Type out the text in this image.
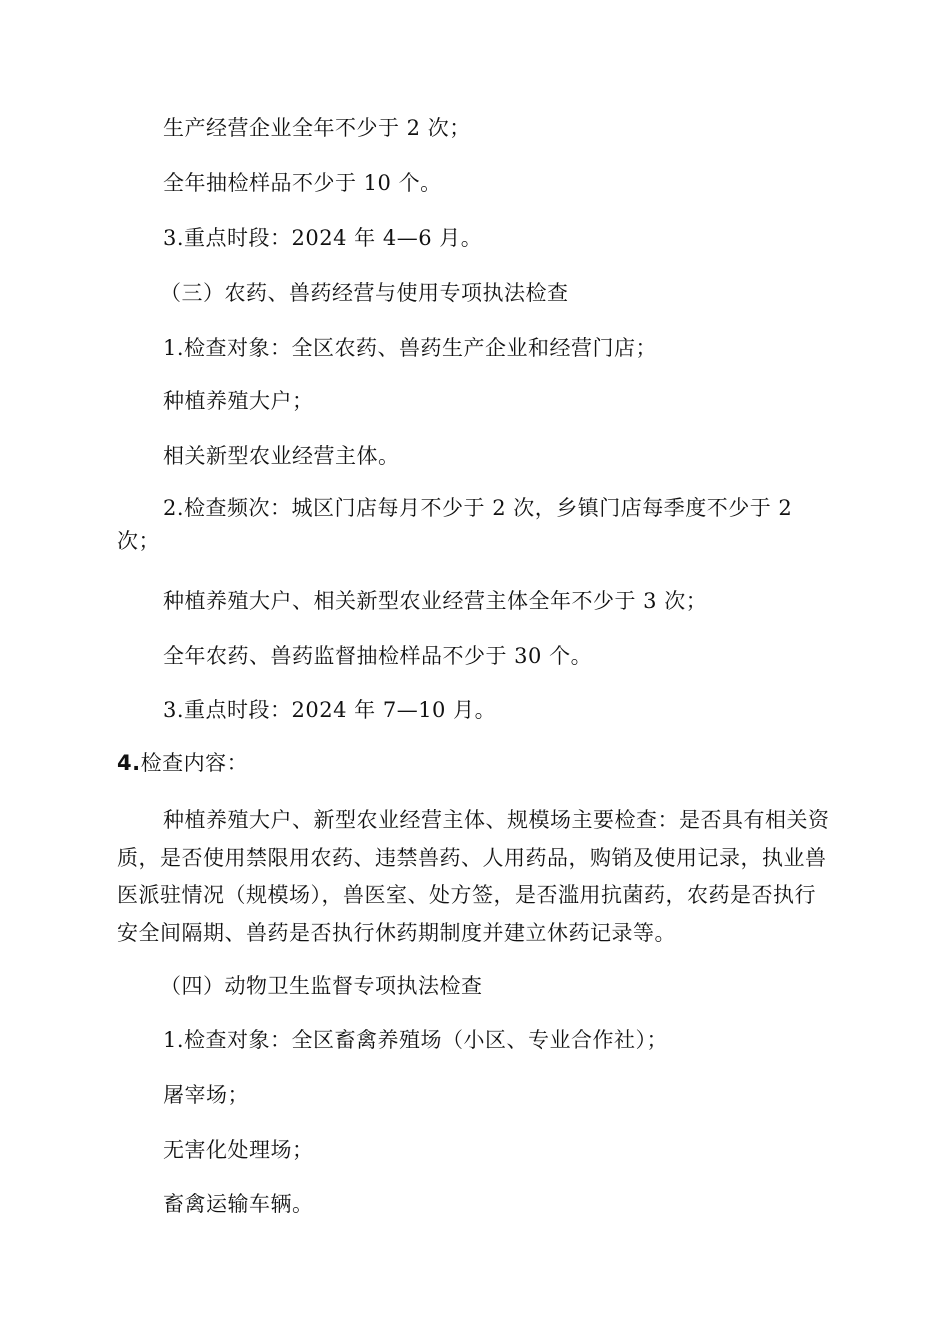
生产经营企业全年不少于 2 次；

全年抽检样品不少于 10 个。

3.重点时段：2024 年 4—6 月。

（三）农药、兽药经营与使用专项执法检查

1.检查对象：全区农药、兽药生产企业和经营门店；

种植养殖大户；

相关新型农业经营主体。

2.检查频次：城区门店每月不少于 2 次，乡镇门店每季度不少于 2 次；

种植养殖大户、相关新型农业经营主体全年不少于 3 次；

全年农药、兽药监督抽检样品不少于 30 个。

3.重点时段：2024 年 7—10 月。

4.检查内容：

种植养殖大户、新型农业经营主体、规模场主要检查：是否具有相关资质，是否使用禁限用农药、违禁兽药、人用药品，购销及使用记录，执业兽医派驻情况（规模场），兽医室、处方签，是否滥用抗菌药，农药是否执行安全间隔期、兽药是否执行休药期制度并建立休药记录等。

（四）动物卫生监督专项执法检查

1.检查对象：全区畜禽养殖场（小区、专业合作社）；

屠宰场；

无害化处理场；

畜禽运输车辆。
